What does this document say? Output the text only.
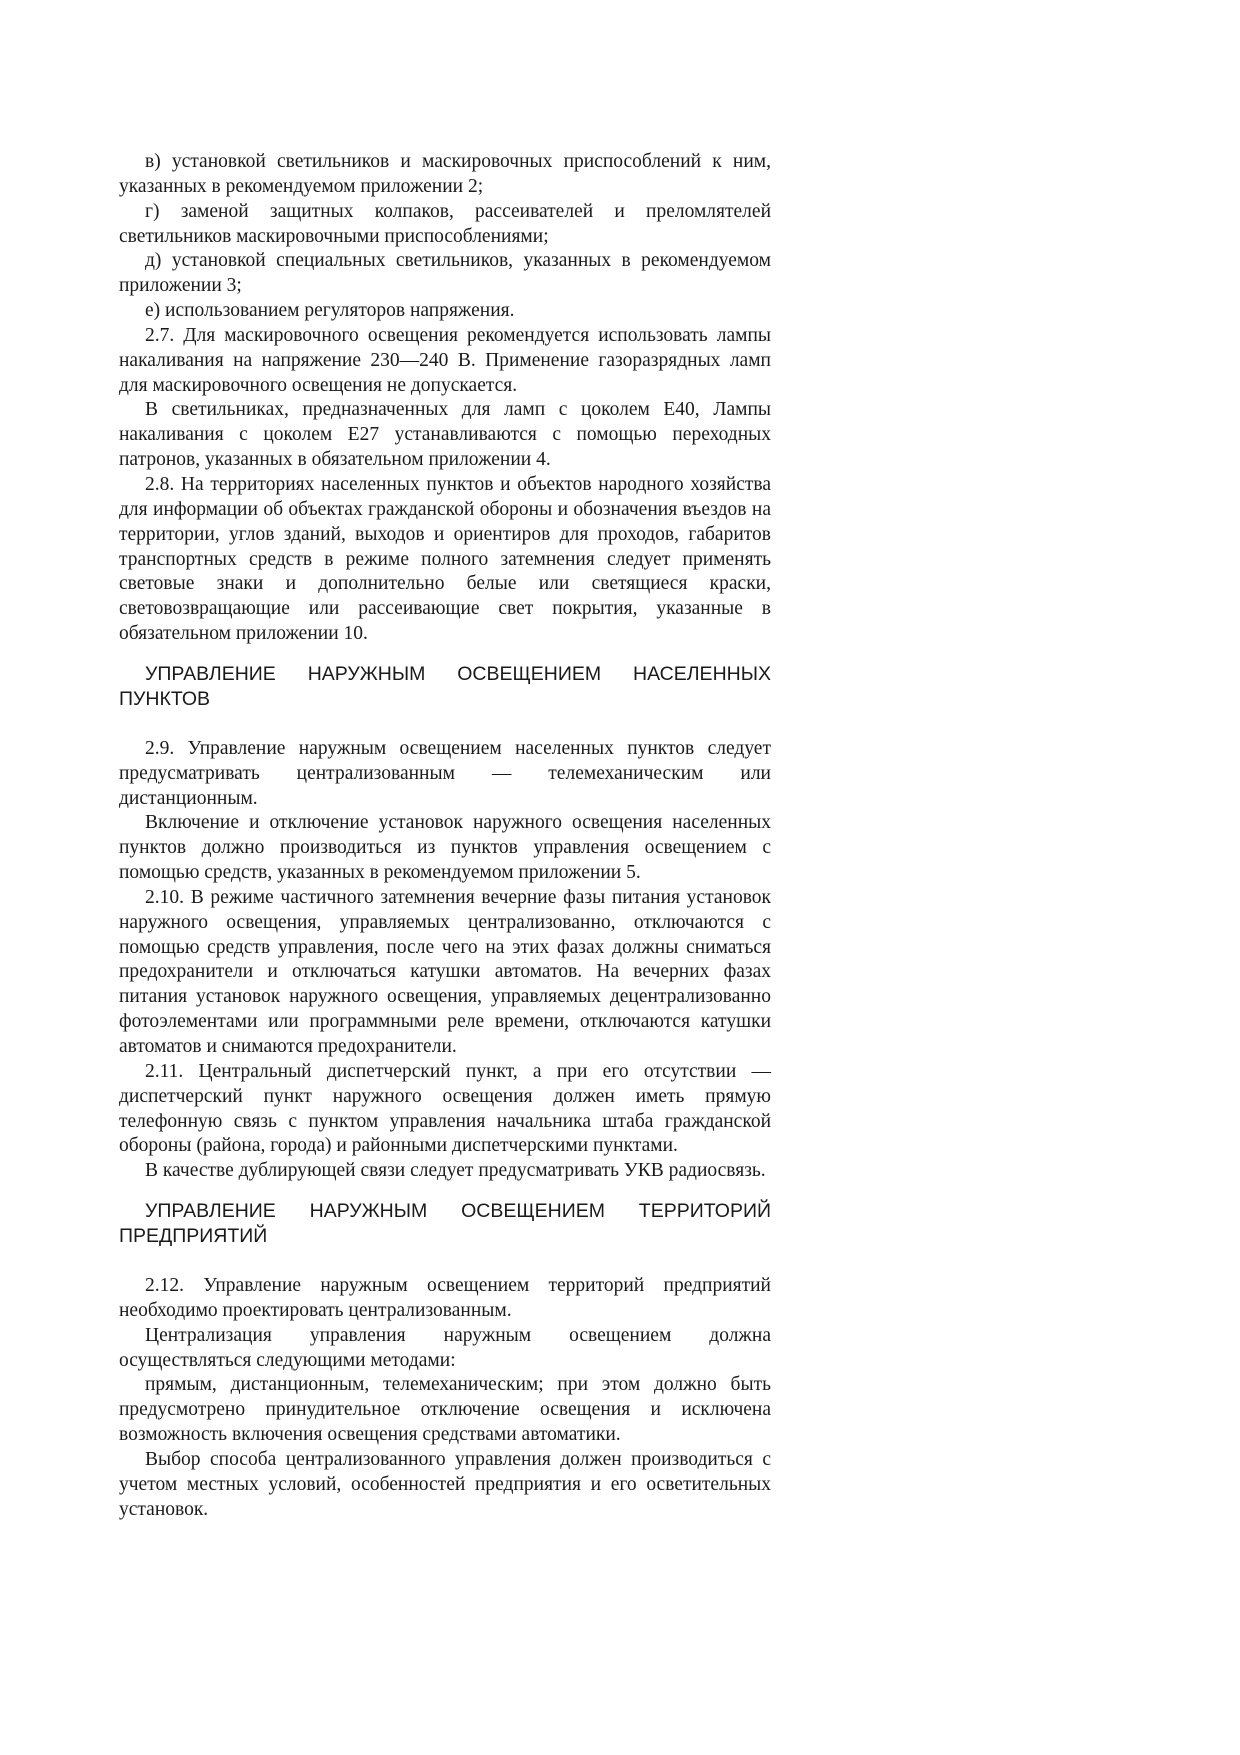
в) установкой светильников и маскировочных приспособлений к ним, указанных в рекомендуемом приложении 2;

г) заменой защитных колпаков, рассеивателей и преломлятелей светильников маскировочными приспособлениями;

д) установкой специальных светильников, указанных в рекомендуемом приложении 3;

е) использованием регуляторов напряжения.

2.7. Для маскировочного освещения рекомендуется использовать лампы накаливания на напряжение 230—240 В. Применение газоразрядных ламп для маскировочного освещения не допускается.

В светильниках, предназначенных для ламп с цоколем Е40, Лампы накаливания с цоколем Е27 устанавливаются с помощью переходных патронов, указанных в обязательном приложении 4.

2.8. На территориях населенных пунктов и объектов народного хозяйства для информации об объектах гражданской обороны и обозначения въездов на территории, углов зданий, выходов и ориентиров для проходов, габаритов транспортных средств в режиме полного затемнения следует применять световые знаки и дополнительно белые или светящиеся краски, световозвращающие или рассеивающие свет покрытия, указанные в обязательном приложении 10.

УПРАВЛЕНИЕ НАРУЖНЫМ ОСВЕЩЕНИЕМ НАСЕЛЕННЫХ ПУНКТОВ

2.9. Управление наружным освещением населенных пунктов следует предусматривать централизованным — телемеханическим или дистанционным.

Включение и отключение установок наружного освещения населенных пунктов должно производиться из пунктов управления освещением с помощью средств, указанных в рекомендуемом приложении 5.

2.10. В режиме частичного затемнения вечерние фазы питания установок наружного освещения, управляемых централизованно, отключаются с помощью средств управления, после чего на этих фазах должны сниматься предохранители и отключаться катушки автоматов. На вечерних фазах питания установок наружного освещения, управляемых децентрализованно фотоэлементами или программными реле времени, отключаются катушки автоматов и снимаются предохранители.

2.11. Центральный диспетчерский пункт, а при его отсутствии — диспетчерский пункт наружного освещения должен иметь прямую телефонную связь с пунктом управления начальника штаба гражданской обороны (района, города) и районными диспетчерскими пунктами.

В качестве дублирующей связи следует предусматривать УКВ радиосвязь.

УПРАВЛЕНИЕ НАРУЖНЫМ ОСВЕЩЕНИЕМ ТЕРРИТОРИЙ ПРЕДПРИЯТИЙ

2.12. Управление наружным освещением территорий предприятий необходимо проектировать централизованным.

Централизация управления наружным освещением должна осуществляться следующими методами:

прямым, дистанционным, телемеханическим; при этом должно быть предусмотрено принудительное отключение освещения и исключена возможность включения освещения средствами автоматики.

Выбор способа централизованного управления должен производиться с учетом местных условий, особенностей предприятия и его осветительных установок.
